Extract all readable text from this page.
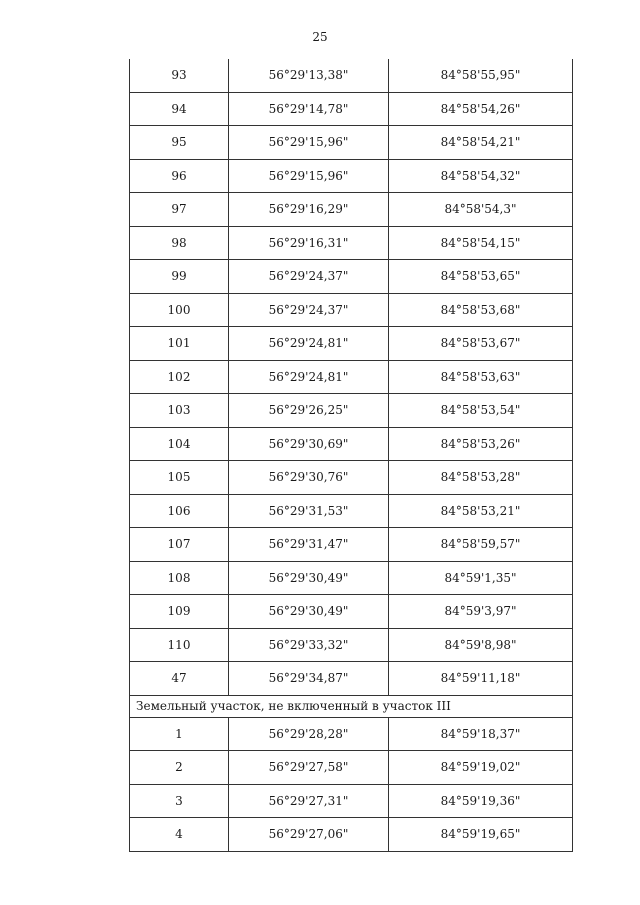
25
93	56°29'13,38"	84°58'55,95"
94	56°29'14,78"	84°58'54,26"
95	56°29'15,96"	84°58'54,21"
96	56°29'15,96"	84°58'54,32"
97	56°29'16,29"	84°58'54,3"
98	56°29'16,31"	84°58'54,15"
99	56°29'24,37"	84°58'53,65"
100	56°29'24,37"	84°58'53,68"
101	56°29'24,81"	84°58'53,67"
102	56°29'24,81"	84°58'53,63"
103	56°29'26,25"	84°58'53,54"
104	56°29'30,69"	84°58'53,26"
105	56°29'30,76"	84°58'53,28"
106	56°29'31,53"	84°58'53,21"
107	56°29'31,47"	84°58'59,57"
108	56°29'30,49"	84°59'1,35"
109	56°29'30,49"	84°59'3,97"
110	56°29'33,32"	84°59'8,98"
47	56°29'34,87"	84°59'11,18"
Земельный участок, не включенный в участок III		
1	56°29'28,28"	84°59'18,37"
2	56°29'27,58"	84°59'19,02"
3	56°29'27,31"	84°59'19,36"
4	56°29'27,06"	84°59'19,65"
